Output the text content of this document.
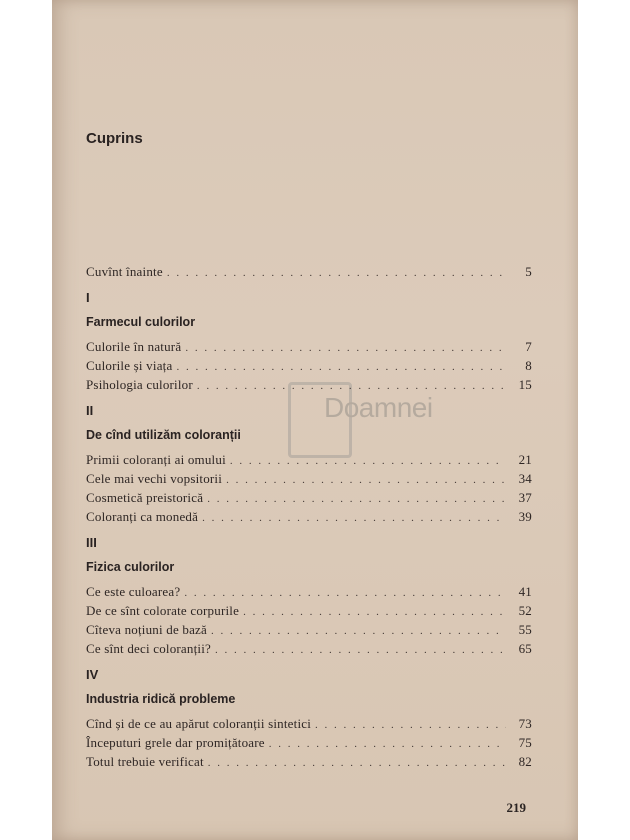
Cuprins
Doamnei
Cuvînt înainte . . .	5
I
Farmecul culorilor
Culorile în natură . . .	7
Culorile și viața . . .	8
Psihologia culorilor . . .	15
II
De cînd utilizăm coloranții
Primii coloranți ai omului . . .	21
Cele mai vechi vopsitorii . . .	34
Cosmetică preistorică . . .	37
Coloranți ca monedă . . .	39
III
Fizica culorilor
Ce este culoarea? . . .	41
De ce sînt colorate corpurile . . .	52
Cîteva noțiuni de bază . . .	55
Ce sînt deci coloranții? . . .	65
IV
Industria ridică probleme
Cînd și de ce au apărut coloranții sintetici . . .	73
Începuturi grele dar promițătoare . . .	75
Totul trebuie verificat . . .	82
219
